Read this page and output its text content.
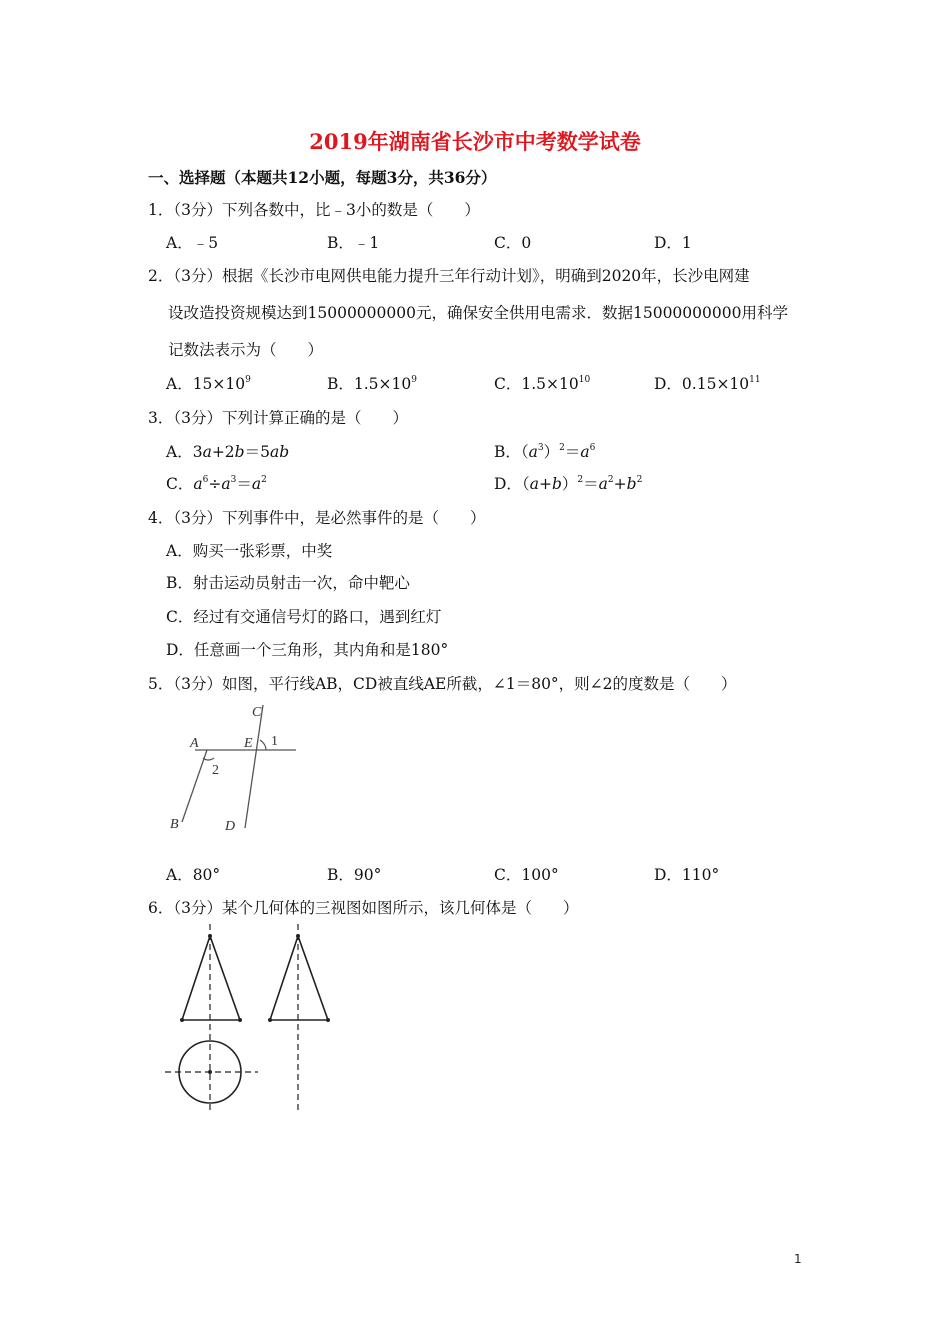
2019年湖南省长沙市中考数学试卷
一、选择题（本题共12小题，每题3分，共36分）
1．（3分）下列各数中，比﹣3小的数是（　　）
A．﹣5	B．﹣1	C．0	D．1
2．（3分）根据《长沙市电网供电能力提升三年行动计划》，明确到2020年，长沙电网建
设改造投资规模达到15000000000元，确保安全供用电需求．数据15000000000用科学
记数法表示为（　　）
A．$15\times 10^9$	B．$1.5\times 10^9$	C．$1.5\times 10^{10}$	D．$0.15\times 10^{11}$
3．（3分）下列计算正确的是（　　）
A．3a+2b＝5ab	B．$(a^3)^2=a^6$
C．$a^6\div a^3=a^2$	D．$(a+b)^2=a^2+b^2$
4．（3分）下列事件中，是必然事件的是（　　）
A．购买一张彩票，中奖
B．射击运动员射击一次，命中靶心
C．经过有交通信号灯的路口，遇到红灯
D．任意画一个三角形，其内角和是180°
5．（3分）如图，平行线AB，CD被直线AE所截，∠1＝80°，则∠2的度数是（　　）
C
A	E
B	D
1
2
A．80°	B．90°	C．100°	D．110°
6．（3分）某个几何体的三视图如图所示，该几何体是（　　）
1
